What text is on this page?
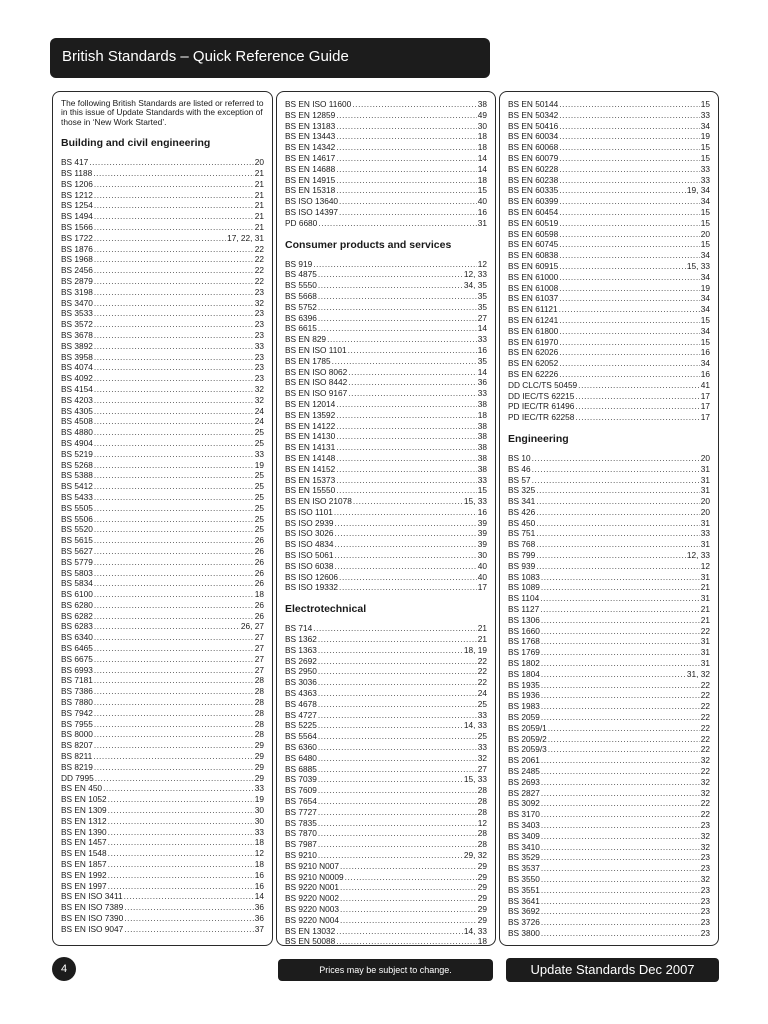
British Standards – Quick Reference Guide

The following British Standards are listed or referred to in this issue of Update Standards with the exception of those in ‘New Work Started’.

Building and civil engineering
BS 417 .....	20
BS 1188 .....	21
BS 1206 .....	21
BS 1212 .....	21
BS 1254 .....	21
BS 1494 .....	21
BS 1566 .....	21
BS 1722 .....	17, 22, 31
BS 1876 .....	22
BS 1968 .....	22
BS 2456 .....	22
BS 2879 .....	22
BS 3198 .....	23
BS 3470 .....	32
BS 3533 .....	23
BS 3572 .....	23
BS 3678 .....	23
BS 3892 .....	33
BS 3958 .....	23
BS 4074 .....	23
BS 4092 .....	23
BS 4154 .....	32
BS 4203 .....	32
BS 4305 .....	24
BS 4508 .....	24
BS 4880 .....	25
BS 4904 .....	25
BS 5219 .....	33
BS 5268 .....	19
BS 5388 .....	25
BS 5412 .....	25
BS 5433 .....	25
BS 5505 .....	25
BS 5506 .....	25
BS 5520 .....	25
BS 5615 .....	26
BS 5627 .....	26
BS 5779 .....	26
BS 5803 .....	26
BS 5834 .....	26
BS 6100 .....	18
BS 6280 .....	26
BS 6282 .....	26
BS 6283 .....	26, 27
BS 6340 .....	27
BS 6465 .....	27
BS 6675 .....	27
BS 6993 .....	27
BS 7181 .....	28
BS 7386 .....	28
BS 7880 .....	28
BS 7942 .....	28
BS 7955 .....	28
BS 8000 .....	28
BS 8207 .....	29
BS 8211 .....	29
BS 8219 .....	29
DD 7995 .....	29
BS EN 450 .....	33
BS EN 1052 .....	19
BS EN 1309 .....	30
BS EN 1312 .....	30
BS EN 1390 .....	33
BS EN 1457 .....	18
BS EN 1548 .....	12
BS EN 1857 .....	18
BS EN 1992 .....	16
BS EN 1997 .....	16
BS EN ISO 3411 .....	14
BS EN ISO 7389 .....	36
BS EN ISO 7390 .....	36
BS EN ISO 9047 .....	37
BS EN ISO 11600 .....	38
BS EN 12859 .....	49
BS EN 13183 .....	30
BS EN 13443 .....	18
BS EN 14342 .....	18
BS EN 14617 .....	14
BS EN 14688 .....	14
BS EN 14915 .....	18
BS EN 15318 .....	15
BS ISO 13640 .....	40
BS ISO 14397 .....	16
PD 6680 .....	31
Consumer products and services
BS 919 .....	12
BS 4875 .....	12, 33
BS 5550 .....	34, 35
BS 5668 .....	35
BS 5752 .....	35
BS 6396 .....	27
BS 6615 .....	14
BS EN 829 .....	33
BS EN ISO 1101 .....	16
BS EN 1785 .....	35
BS EN ISO 8062 .....	14
BS EN ISO 8442 .....	36
BS EN ISO 9167 .....	33
BS EN 12014 .....	38
BS EN 13592 .....	18
BS EN 14122 .....	38
BS EN 14130 .....	38
BS EN 14131 .....	38
BS EN 14148 .....	38
BS EN 14152 .....	38
BS EN 15373 .....	33
BS EN 15550 .....	15
BS EN ISO 21078 .....	15, 33
BS ISO 1101 .....	16
BS ISO 2939 .....	39
BS ISO 3026 .....	39
BS ISO 4834 .....	39
BS ISO 5061 .....	30
BS ISO 6038 .....	40
BS ISO 12606 .....	40
BS ISO 19332 .....	17
Electrotechnical
BS 714 .....	21
BS 1362 .....	21
BS 1363 .....	18, 19
BS 2692 .....	22
BS 2950 .....	22
BS 3036 .....	22
BS 4363 .....	24
BS 4678 .....	25
BS 4727 .....	33
BS 5225 .....	14, 33
BS 5564 .....	25
BS 6360 .....	33
BS 6480 .....	32
BS 6885 .....	27
BS 7039 .....	15, 33
BS 7609 .....	28
BS 7654 .....	28
BS 7727 .....	28
BS 7835 .....	12
BS 7870 .....	28
BS 7987 .....	28
BS 9210 .....	29, 32
BS 9210 N007 .....	29
BS 9210 N0009 .....	29
BS 9220 N001 .....	29
BS 9220 N002 .....	29
BS 9220 N003 .....	29
BS 9220 N004 .....	29
BS EN 13032 .....	14, 33
BS EN 50088 .....	18
BS EN 50144 .....	15
BS EN 50342 .....	33
BS EN 50416 .....	34
BS EN 60034 .....	19
BS EN 60068 .....	15
BS EN 60079 .....	15
BS EN 60228 .....	33
BS EN 60238 .....	33
BS EN 60335 .....	19, 34
BS EN 60399 .....	34
BS EN 60454 .....	15
BS EN 60519 .....	15
BS EN 60598 .....	20
BS EN 60745 .....	15
BS EN 60838 .....	34
BS EN 60915 .....	15, 33
BS EN 61000 .....	34
BS EN 61008 .....	19
BS EN 61037 .....	34
BS EN 61121 .....	34
BS EN 61241 .....	15
BS EN 61800 .....	34
BS EN 61970 .....	15
BS EN 62026 .....	16
BS EN 62052 .....	34
BS EN 62226 .....	16
DD CLC/TS 50459 .....	41
DD IEC/TS 62215 .....	17
PD IEC/TR 61496 .....	17
PD IEC/TR 62258 .....	17
Engineering
BS 10 .....	20
BS 46 .....	31
BS 57 .....	31
BS 325 .....	31
BS 341 .....	20
BS 426 .....	20
BS 450 .....	31
BS 751 .....	33
BS 768 .....	31
BS 799 .....	12, 33
BS 939 .....	12
BS 1083 .....	31
BS 1089 .....	21
BS 1104 .....	31
BS 1127 .....	21
BS 1306 .....	21
BS 1660 .....	22
BS 1768 .....	31
BS 1769 .....	31
BS 1802 .....	31
BS 1804 .....	31, 32
BS 1935 .....	22
BS 1936 .....	22
BS 1983 .....	22
BS 2059 .....	22
BS 2059/1 .....	22
BS 2059/2 .....	22
BS 2059/3 .....	22
BS 2061 .....	32
BS 2485 .....	22
BS 2693 .....	32
BS 2827 .....	32
BS 3092 .....	22
BS 3170 .....	22
BS 3403 .....	23
BS 3409 .....	32
BS 3410 .....	32
BS 3529 .....	23
BS 3537 .....	23
BS 3550 .....	32
BS 3551 .....	23
BS 3641 .....	23
BS 3692 .....	23
BS 3726 .....	23
BS 3800 .....	23
4	Prices may be subject to change.	Update Standards Dec 2007
